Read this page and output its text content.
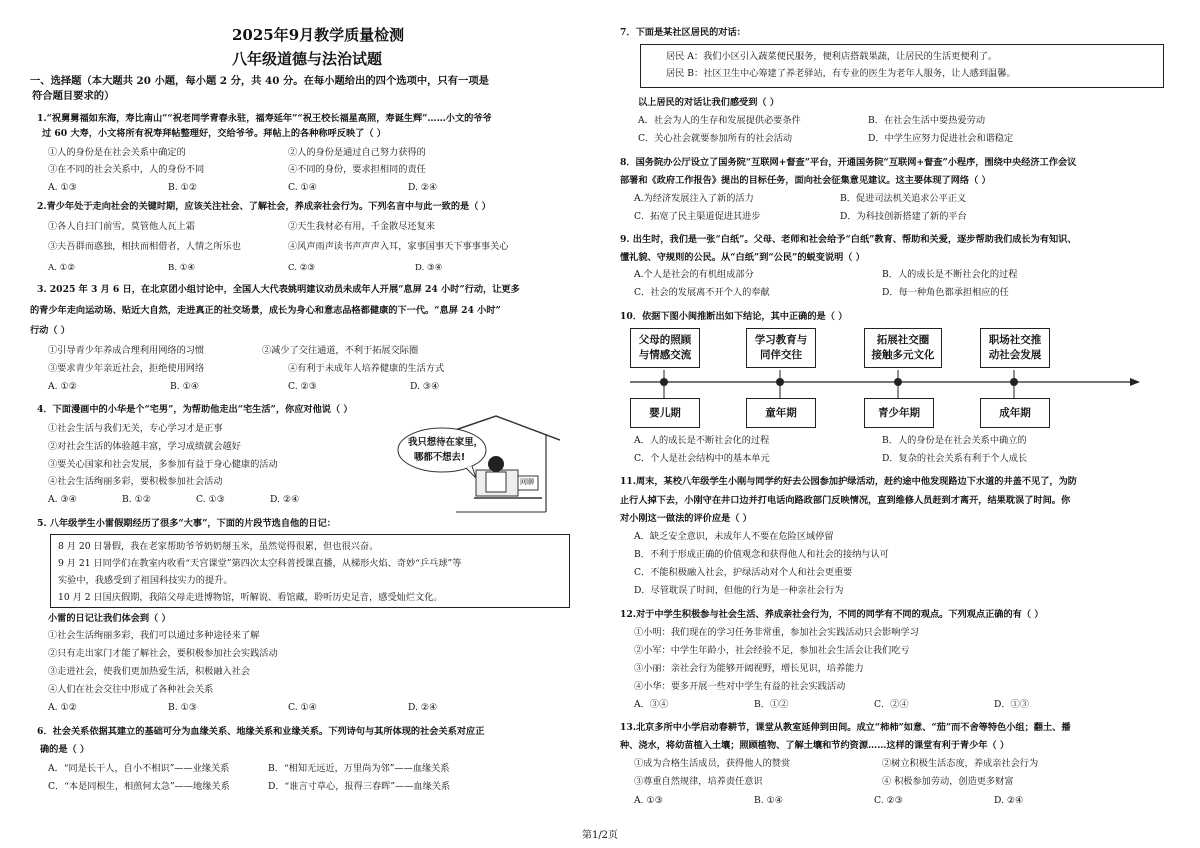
2025年9月教学质量检测
八年级道德与法治试题
一、选择题（本大题共 20 小题，每小题 2 分，共 40 分。在每小题给出的四个选项中，只有一项是
符合题目要求的）
1.“祝舅舅福如东海，寿比南山”“祝老同学青春永驻，福寿延年”“祝王校长福星高照，寿诞生辉”……小文的爷爷
过 60 大寿，小文将所有祝寿拜帖整理好，交给爷爷。拜帖上的各种称呼反映了（ ）
①人的身份是在社会关系中确定的	②人的身份是通过自己努力获得的
③在不同的社会关系中，人的身份不同	④不同的身份，要求担相同的责任
A. ①③	B. ①②	C. ①④	D. ②④
2.青少年处于走向社会的关键时期，应该关注社会、了解社会，养成亲社会行为。下列名言中与此一致的是（ ）
①各人自扫门前雪，莫管他人瓦上霜	②天生我材必有用，千金散尽还复来
③夫吾群而惑独，相扶而相借者，人情之所乐也	④风声雨声读书声声声入耳，家事国事天下事事事关心
A. ①②	B. ①④	C. ②③	D. ③④
3. 2025 年 3 月 6 日，在北京团小组讨论中，全国人大代表姚明建议动员未成年人开展“息屏 24 小时”行动，让更多
的青少年走向运动场、贴近大自然，走进真正的社交场景，成长为身心和意志品格都健康的下一代。“息屏 24 小时”
行动（ ）
①引导青少年养成合理利用网络的习惯	②减少了交往通道，不利于拓展交际圈
③要求青少年亲近社会，拒绝使用网络	④有利于未成年人培养健康的生活方式
A. ①②	B. ①④	C. ②③	D. ③④
4．下面漫画中的小华是个“宅男”，为帮助他走出“宅生活”，你应对他说（ ）
①社会生活与我们无关，专心学习才是正事
②对社会生活的体验越丰富，学习成绩就会越好
③要关心国家和社会发展，多参加有益于身心健康的活动
④社会生活绚丽多彩，要积极参加社会活动
A. ③④	B. ①②	C. ①③	D. ②④
我只想待在家里，
哪都不想去!
网聊
5. 八年级学生小雷假期经历了很多“大事”，下面的片段节选自他的日记：
8 月 20 日暑假，我在老家帮助爷爷奶奶掰玉米，虽然觉得很累，但也很兴奋。
9 月 21 日同学们在教室内收看“天宫课堂”第四次太空科普授课直播，从梯形火焰、奇妙“乒乓球”等
实验中，我感受到了祖国科技实力的提升。
10 月 2 日国庆假期，我陪父母走进博物馆，听解说、看馆藏，聆听历史足音，感受灿烂文化。
小雷的日记让我们体会到（ ）
①社会生活绚丽多彩，我们可以通过多种途径来了解
②只有走出家门才能了解社会，要积极参加社会实践活动
③走进社会，使我们更加热爱生活，积极融入社会
④人们在社会交往中形成了各种社会关系
A. ①②	B. ①③	C. ①④	D. ②④
6．社会关系依据其建立的基础可分为血缘关系、地缘关系和业缘关系。下列诗句与其所体现的社会关系对应正
确的是（ ）
A．“同是长干人，自小不相识”——业缘关系	B．“相知无远近，万里尚为邻”——血缘关系
C．“本是同根生，相煎何太急”——地缘关系	D．“谁言寸草心，报得三春晖”——血缘关系
7．下面是某社区居民的对话：
居民 A：我们小区引入蔬菜便民服务，便利店搭载果蔬，让居民的生活更便利了。
居民 B：社区卫生中心筹建了养老驿站，有专业的医生为老年人服务，让人感到温馨。
以上居民的对话让我们感受到（ ）
A．社会为人的生存和发展提供必要条件	B．在社会生活中要热爱劳动
C．关心社会就要参加所有的社会活动	D．中学生应努力促进社会和谐稳定
8．国务院办公厅设立了国务院“互联网+督查”平台，开通国务院“互联网+督查”小程序，围绕中央经济工作会议
部署和《政府工作报告》提出的目标任务，面向社会征集意见建议。这主要体现了网络（ ）
A.为经济发展注入了新的活力	B．促进司法机关追求公平正义
C．拓宽了民主渠道促进其进步	D．为科技创新搭建了新的平台
9. 出生时，我们是一张“白纸”。父母、老师和社会给予“白纸”教育、帮助和关爱，逐步帮助我们成长为有知识、
懂礼貌、守规则的公民。从“白纸”到“公民”的蜕变说明（ ）
A.个人是社会的有机组成部分	B．人的成长是不断社会化的过程
C．社会的发展离不开个人的奉献	D．每一种角色都承担相应的任
10．依据下图小闽推断出如下结论，其中正确的是（ ）
父母的照顾
与情感交流
学习教育与
同伴交往
拓展社交圈
接触多元文化
职场社交推
动社会发展
婴儿期	童年期	青少年期	成年期
A．人的成长是不断社会化的过程	B．人的身份是在社会关系中确立的
C．个人是社会结构中的基本单元	D．复杂的社会关系有利于个人成长
11.周末，某校八年级学生小刚与同学约好去公园参加护绿活动，赶约途中他发现路边下水道的井盖不见了，为防
止行人掉下去，小刚守在井口边并打电话向路政部门反映情况，直到维修人员赶到才离开，结果耽误了时间。你
对小刚这一做法的评价应是（ ）
A．缺乏安全意识，未成年人不要在危险区域停留
B．不利于形成正确的价值观念和获得他人和社会的接纳与认可
C．不能积极融入社会，护绿活动对个人和社会更重要
D．尽管耽误了时间，但他的行为是一种亲社会行为
12.对于中学生积极参与社会生活、养成亲社会行为，不同的同学有不同的观点。下列观点正确的有（ ）
①小明：我们现在的学习任务非常重，参加社会实践活动只会影响学习
②小军：中学生年龄小，社会经验不足，参加社会生活会让我们吃亏
③小丽：亲社会行为能够开阔视野，增长见识，培养能力
④小华：要多开展一些对中学生有益的社会实践活动
A．③④	B．①②	C．②④	D．①③
13.北京多所中小学启动春耕节，课堂从教室延伸到田间。成立“柿柿”如意、“茄”而不舍等特色小组；翻土、播
种、浇水，将幼苗植入土壤；照顾植物、了解土壤和节约资源……这样的课堂有利于青少年（ ）
①成为合格生活成员，获得他人的赞赏	②树立积极生活态度，养成亲社会行为
③尊重自然规律，培养责任意识	④ 积极参加劳动，创造更多财富
A. ①③	B. ①④	C. ②③	D. ②④
第1/2页
